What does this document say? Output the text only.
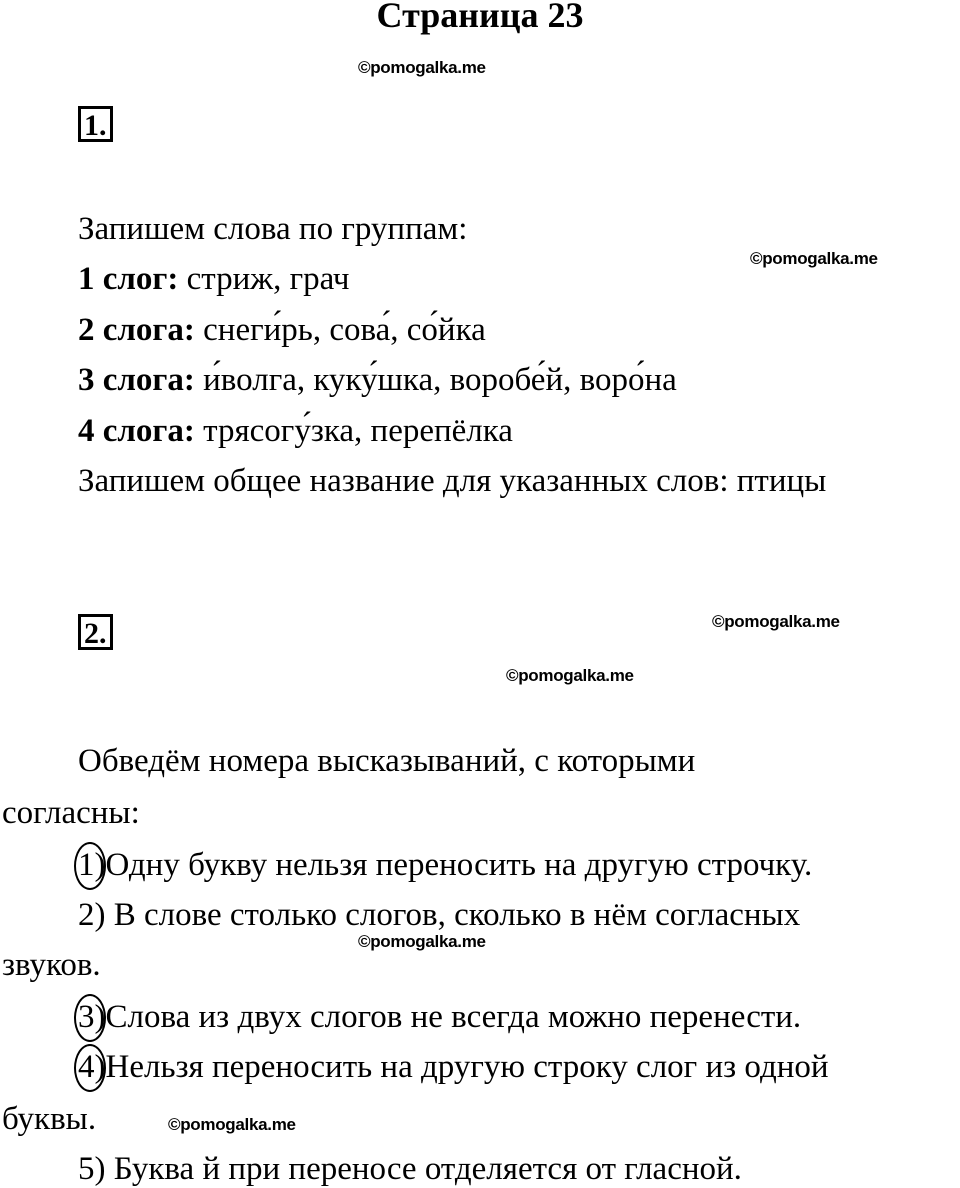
Страница 23
©pomogalka.me
1.
Запишем слова по группам:
©pomogalka.me
1 слог: стриж, грач
2 слога: снеги́рь, сова́, со́йка
3 слога: и́волга, куку́шка, воробе́й, воро́на
4 слога: трясогу́зка, перепёлка
Запишем общее название для указанных слов: птицы
2.	©pomogalka.me
©pomogalka.me
Обведём номера высказываний, с которыми
согласны:
1)Одну букву нельзя переносить на другую строчку.
2) В слове столько слогов, сколько в нём согласных
©pomogalka.me
звуков.
3)Слова из двух слогов не всегда можно перенести.
4)Нельзя переносить на другую строку слог из одной
буквы.	©pomogalka.me
5) Буква й при переносе отделяется от гласной.
